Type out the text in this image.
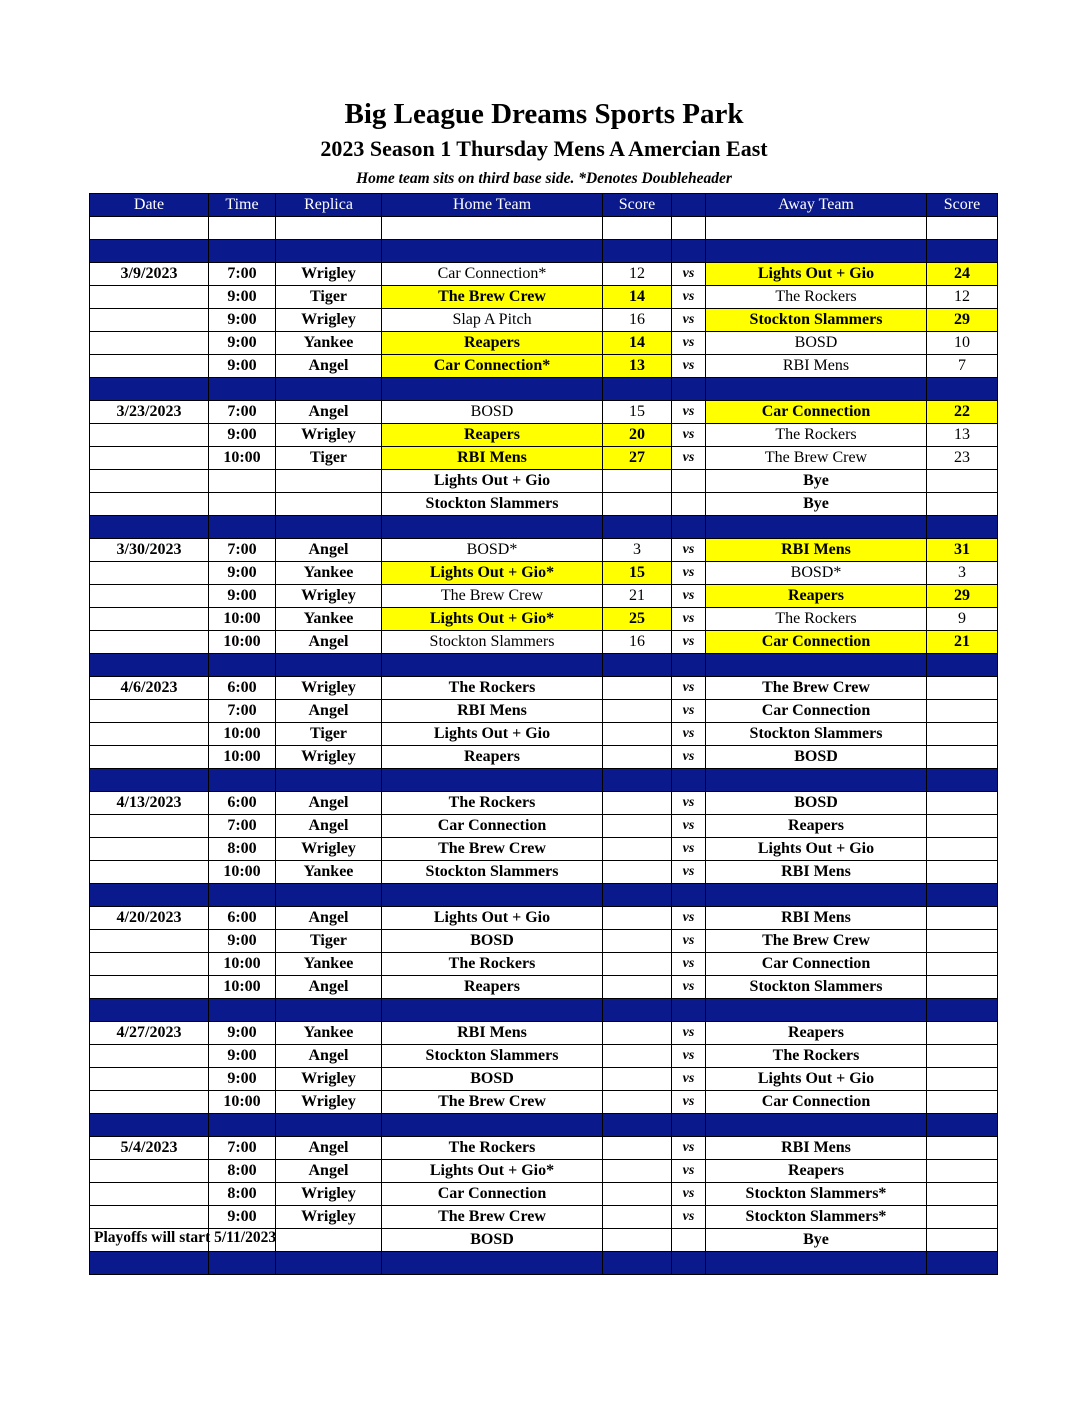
Big League Dreams Sports Park
2023 Season 1 Thursday Mens A Amercian East
Home team sits on third base side. *Denotes Doubleheader
Date	Time	Replica	Home Team	Score		Away Team	Score

3/9/2023	7:00	Wrigley	Car Connection*	12	vs	Lights Out + Gio	24
	9:00	Tiger	The Brew Crew	14	vs	The Rockers	12
	9:00	Wrigley	Slap A Pitch	16	vs	Stockton Slammers	29
	9:00	Yankee	Reapers	14	vs	BOSD	10
	9:00	Angel	Car Connection*	13	vs	RBI Mens	7

3/23/2023	7:00	Angel	BOSD	15	vs	Car Connection	22
	9:00	Wrigley	Reapers	20	vs	The Rockers	13
	10:00	Tiger	RBI Mens	27	vs	The Brew Crew	23
			Lights Out + Gio			Bye	
			Stockton Slammers			Bye	

3/30/2023	7:00	Angel	BOSD*	3	vs	RBI Mens	31
	9:00	Yankee	Lights Out + Gio*	15	vs	BOSD*	3
	9:00	Wrigley	The Brew Crew	21	vs	Reapers	29
	10:00	Yankee	Lights Out + Gio*	25	vs	The Rockers	9
	10:00	Angel	Stockton Slammers	16	vs	Car Connection	21

4/6/2023	6:00	Wrigley	The Rockers		vs	The Brew Crew	
	7:00	Angel	RBI Mens		vs	Car Connection	
	10:00	Tiger	Lights Out + Gio		vs	Stockton Slammers	
	10:00	Wrigley	Reapers		vs	BOSD	

4/13/2023	6:00	Angel	The Rockers		vs	BOSD	
	7:00	Angel	Car Connection		vs	Reapers	
	8:00	Wrigley	The Brew Crew		vs	Lights Out + Gio	
	10:00	Yankee	Stockton Slammers		vs	RBI Mens	

4/20/2023	6:00	Angel	Lights Out + Gio		vs	RBI Mens	
	9:00	Tiger	BOSD		vs	The Brew Crew	
	10:00	Yankee	The Rockers		vs	Car Connection	
	10:00	Angel	Reapers		vs	Stockton Slammers	

4/27/2023	9:00	Yankee	RBI Mens		vs	Reapers	
	9:00	Angel	Stockton Slammers		vs	The Rockers	
	9:00	Wrigley	BOSD		vs	Lights Out + Gio	
	10:00	Wrigley	The Brew Crew		vs	Car Connection	

5/4/2023	7:00	Angel	The Rockers		vs	RBI Mens	
	8:00	Angel	Lights Out + Gio*		vs	Reapers	
	8:00	Wrigley	Car Connection		vs	Stockton Slammers*	
	9:00	Wrigley	The Brew Crew		vs	Stockton Slammers*	
			BOSD			Bye	

Playoffs will start 5/11/2023
